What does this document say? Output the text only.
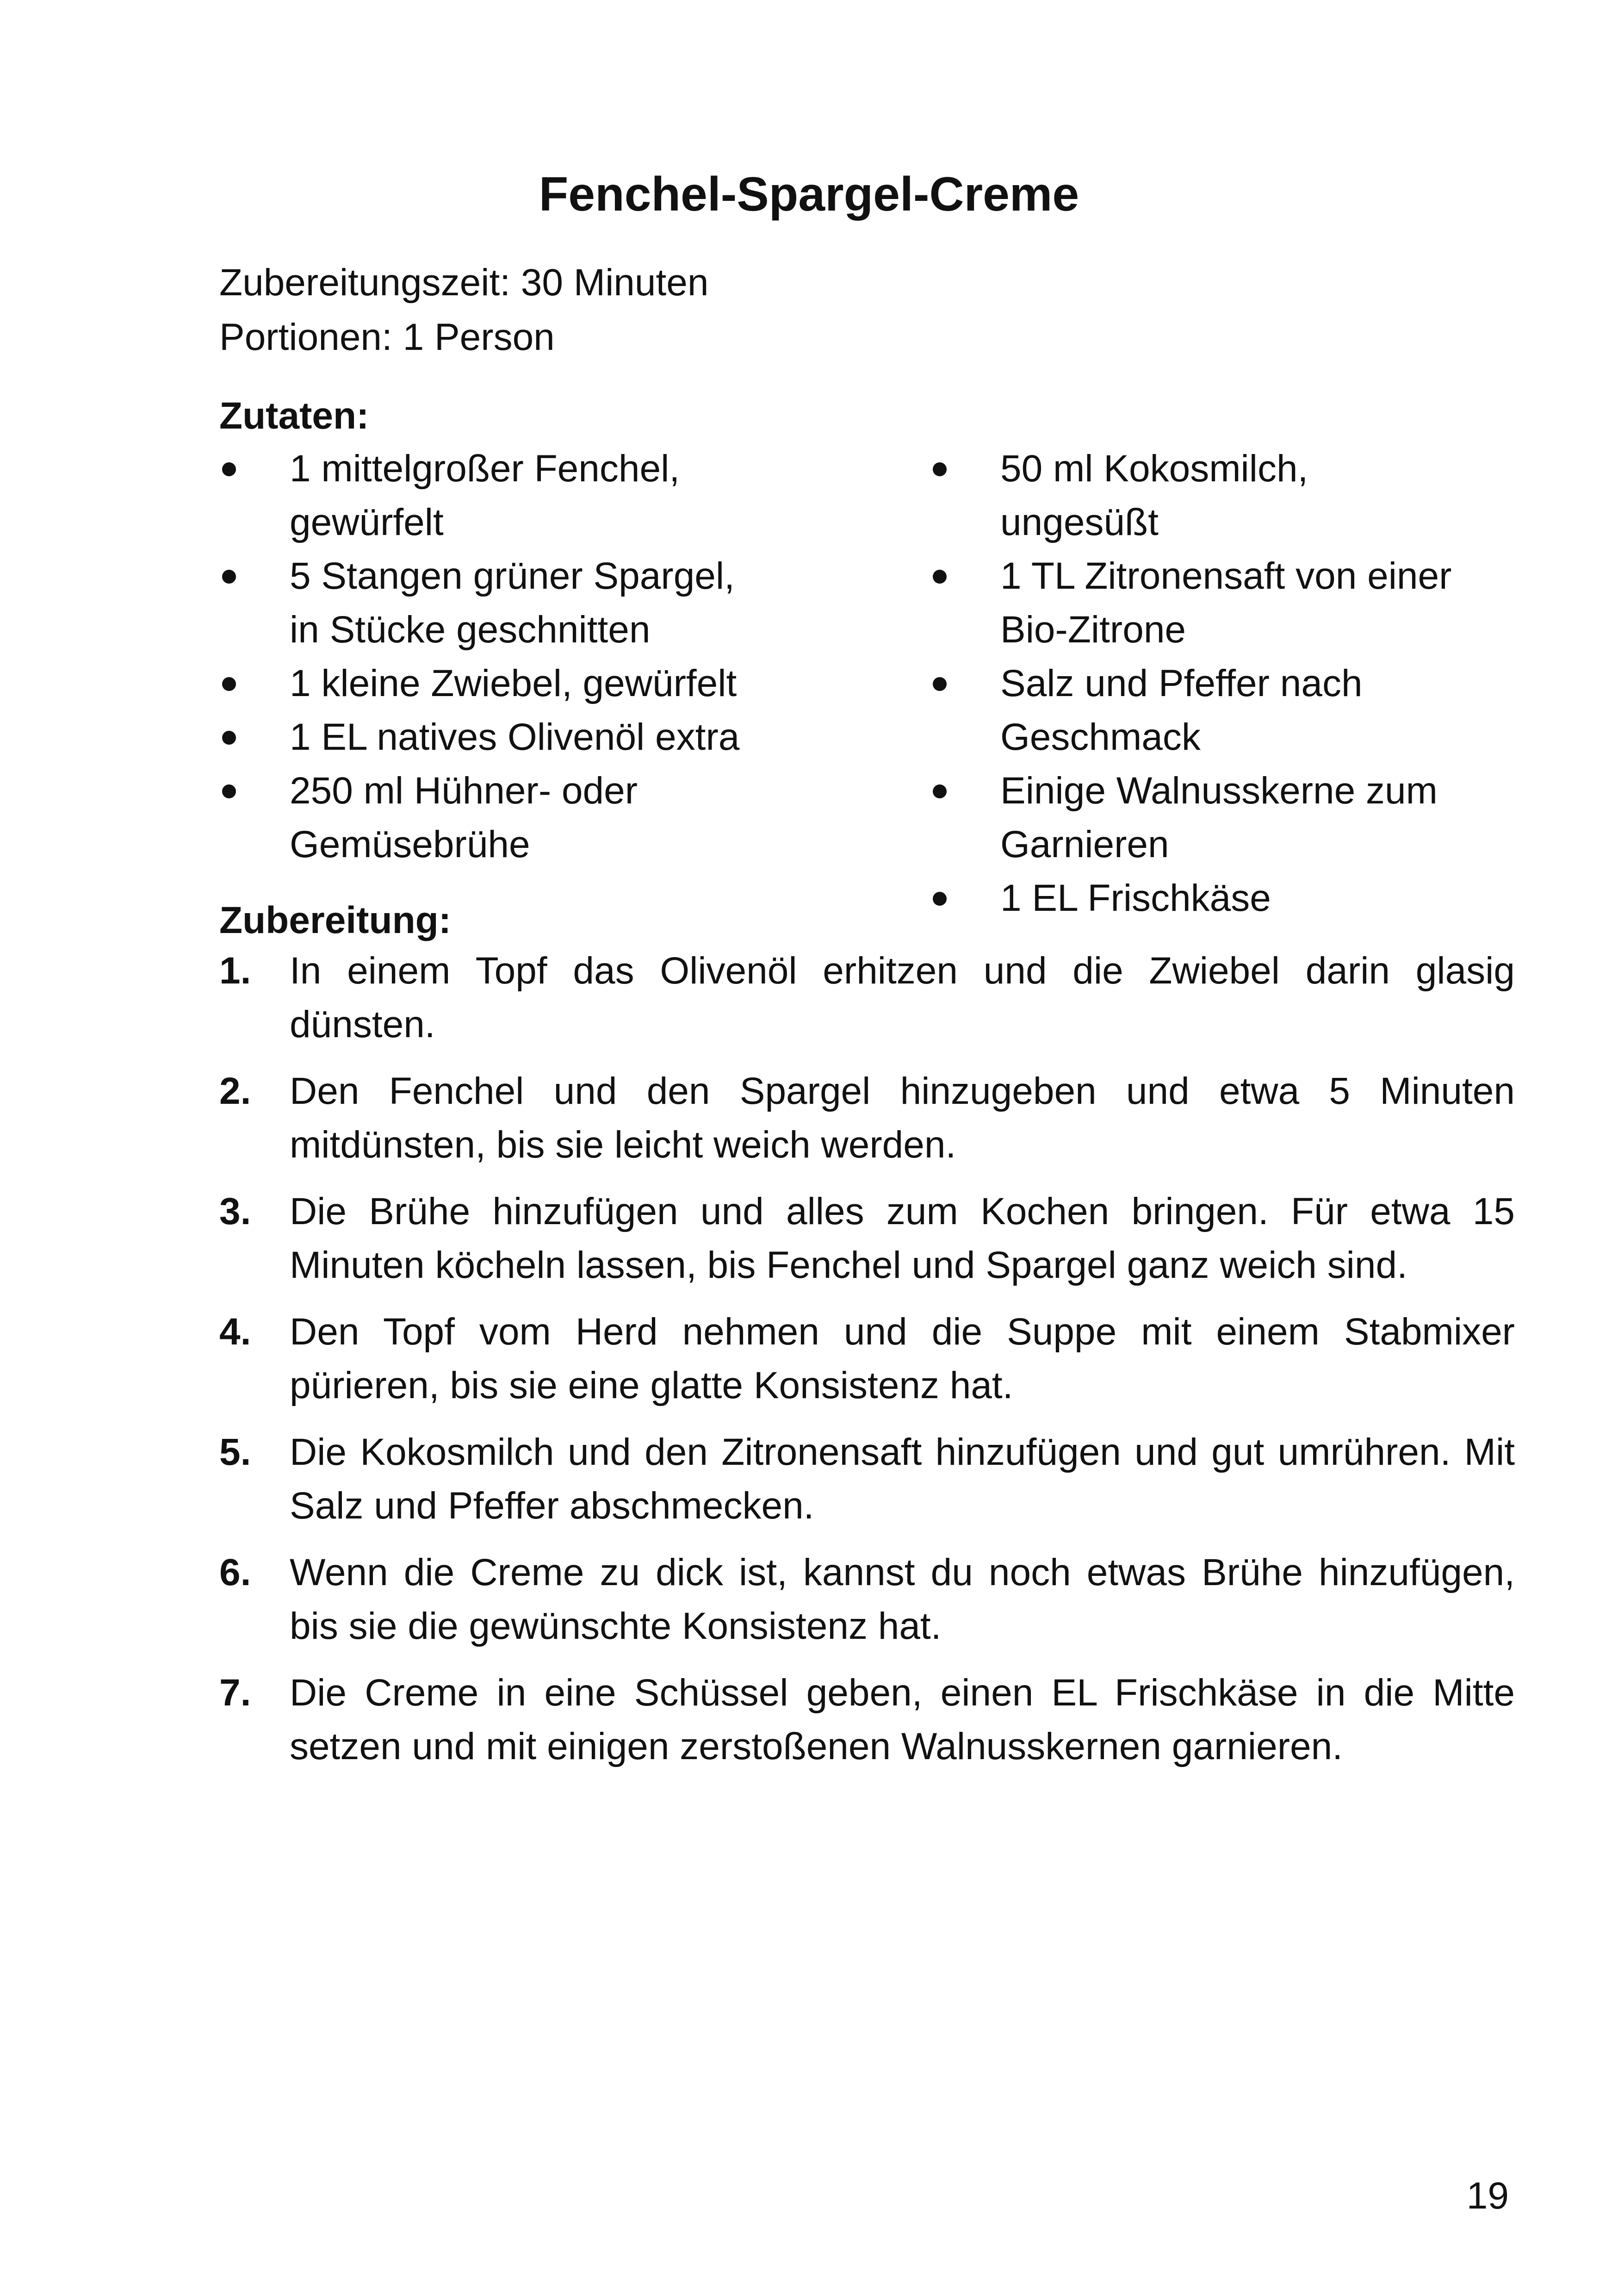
Fenchel-Spargel-Creme
Zubereitungszeit: 30 Minuten
Portionen: 1 Person
Zutaten:
1 mittelgroßer Fenchel, gewürfelt
5 Stangen grüner Spargel, in Stücke geschnitten
1 kleine Zwiebel, gewürfelt
1 EL natives Olivenöl extra
250 ml Hühner- oder Gemüsebrühe
50 ml Kokosmilch, ungesüßt
1 TL Zitronensaft von einer Bio-Zitrone
Salz und Pfeffer nach Geschmack
Einige Walnusskerne zum Garnieren
1 EL Frischkäse
Zubereitung:
1. In einem Topf das Olivenöl erhitzen und die Zwiebel darin glasig dünsten.
2. Den Fenchel und den Spargel hinzugeben und etwa 5 Minuten mitdünsten, bis sie leicht weich werden.
3. Die Brühe hinzufügen und alles zum Kochen bringen. Für etwa 15 Minuten köcheln lassen, bis Fenchel und Spargel ganz weich sind.
4. Den Topf vom Herd nehmen und die Suppe mit einem Stabmixer pürieren, bis sie eine glatte Konsistenz hat.
5. Die Kokosmilch und den Zitronensaft hinzufügen und gut umrühren. Mit Salz und Pfeffer abschmecken.
6. Wenn die Creme zu dick ist, kannst du noch etwas Brühe hinzufügen, bis sie die gewünschte Konsistenz hat.
7. Die Creme in eine Schüssel geben, einen EL Frischkäse in die Mitte setzen und mit einigen zerstoßenen Walnusskernen garnieren.
19
